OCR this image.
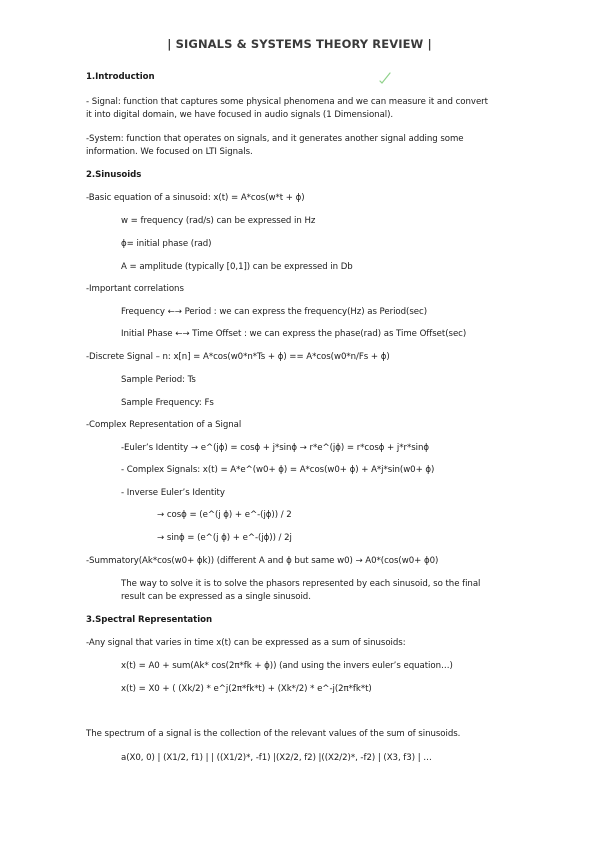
| SIGNALS & SYSTEMS THEORY REVIEW |
1.Introduction
- Signal: function that captures some physical phenomena and we can measure it and convert
it into digital domain, we have focused in audio signals (1 Dimensional).
-System: function that operates on signals, and it generates another signal adding some
information. We focused on LTI Signals.
2.Sinusoids
-Basic equation of a sinusoid: x(t) = A*cos(w*t + ɸ)
w = frequency (rad/s) can be expressed in Hz
ɸ= initial phase (rad)
A = amplitude (typically [0,1]) can be expressed in Db
-Important correlations
Frequency ←→ Period : we can express the frequency(Hz) as Period(sec)
Initial Phase ←→ Time Offset : we can express the phase(rad) as Time Offset(sec)
-Discrete Signal – n: x[n] = A*cos(w0*n*Ts + ɸ) == A*cos(w0*n/Fs + ɸ)
Sample Period: Ts
Sample Frequency: Fs
-Complex Representation of a Signal
-Euler’s Identity → e^(jɸ) = cosɸ + j*sinɸ → r*e^(jɸ) = r*cosɸ + j*r*sinɸ
- Complex Signals: x(t) = A*e^(w0+ ɸ) = A*cos(w0+ ɸ) + A*j*sin(w0+ ɸ)
- Inverse Euler’s Identity
→ cosɸ = (e^(j ɸ) + e^-(jɸ)) / 2
→ sinɸ = (e^(j ɸ) + e^-(jɸ)) / 2j
-Summatory(Ak*cos(w0+ ɸk)) (different A and ɸ but same w0) → A0*(cos(w0+ ɸ0)
The way to solve it is to solve the phasors represented by each sinusoid, so the final
result can be expressed as a single sinusoid.
3.Spectral Representation
-Any signal that varies in time x(t) can be expressed as a sum of sinusoids:
x(t) = A0 + sum(Ak* cos(2π*fk + ɸ)) (and using the invers euler’s equation…)
x(t) = X0 + ( (Xk/2) * e^j(2π*fk*t) + (Xk*/2) * e^-j(2π*fk*t)
The spectrum of a signal is the collection of the relevant values of the sum of sinusoids.
a(X0, 0) | (X1/2, f1) | | ((X1/2)*, -f1) |(X2/2, f2) |((X2/2)*, -f2) | (X3, f3) | …
